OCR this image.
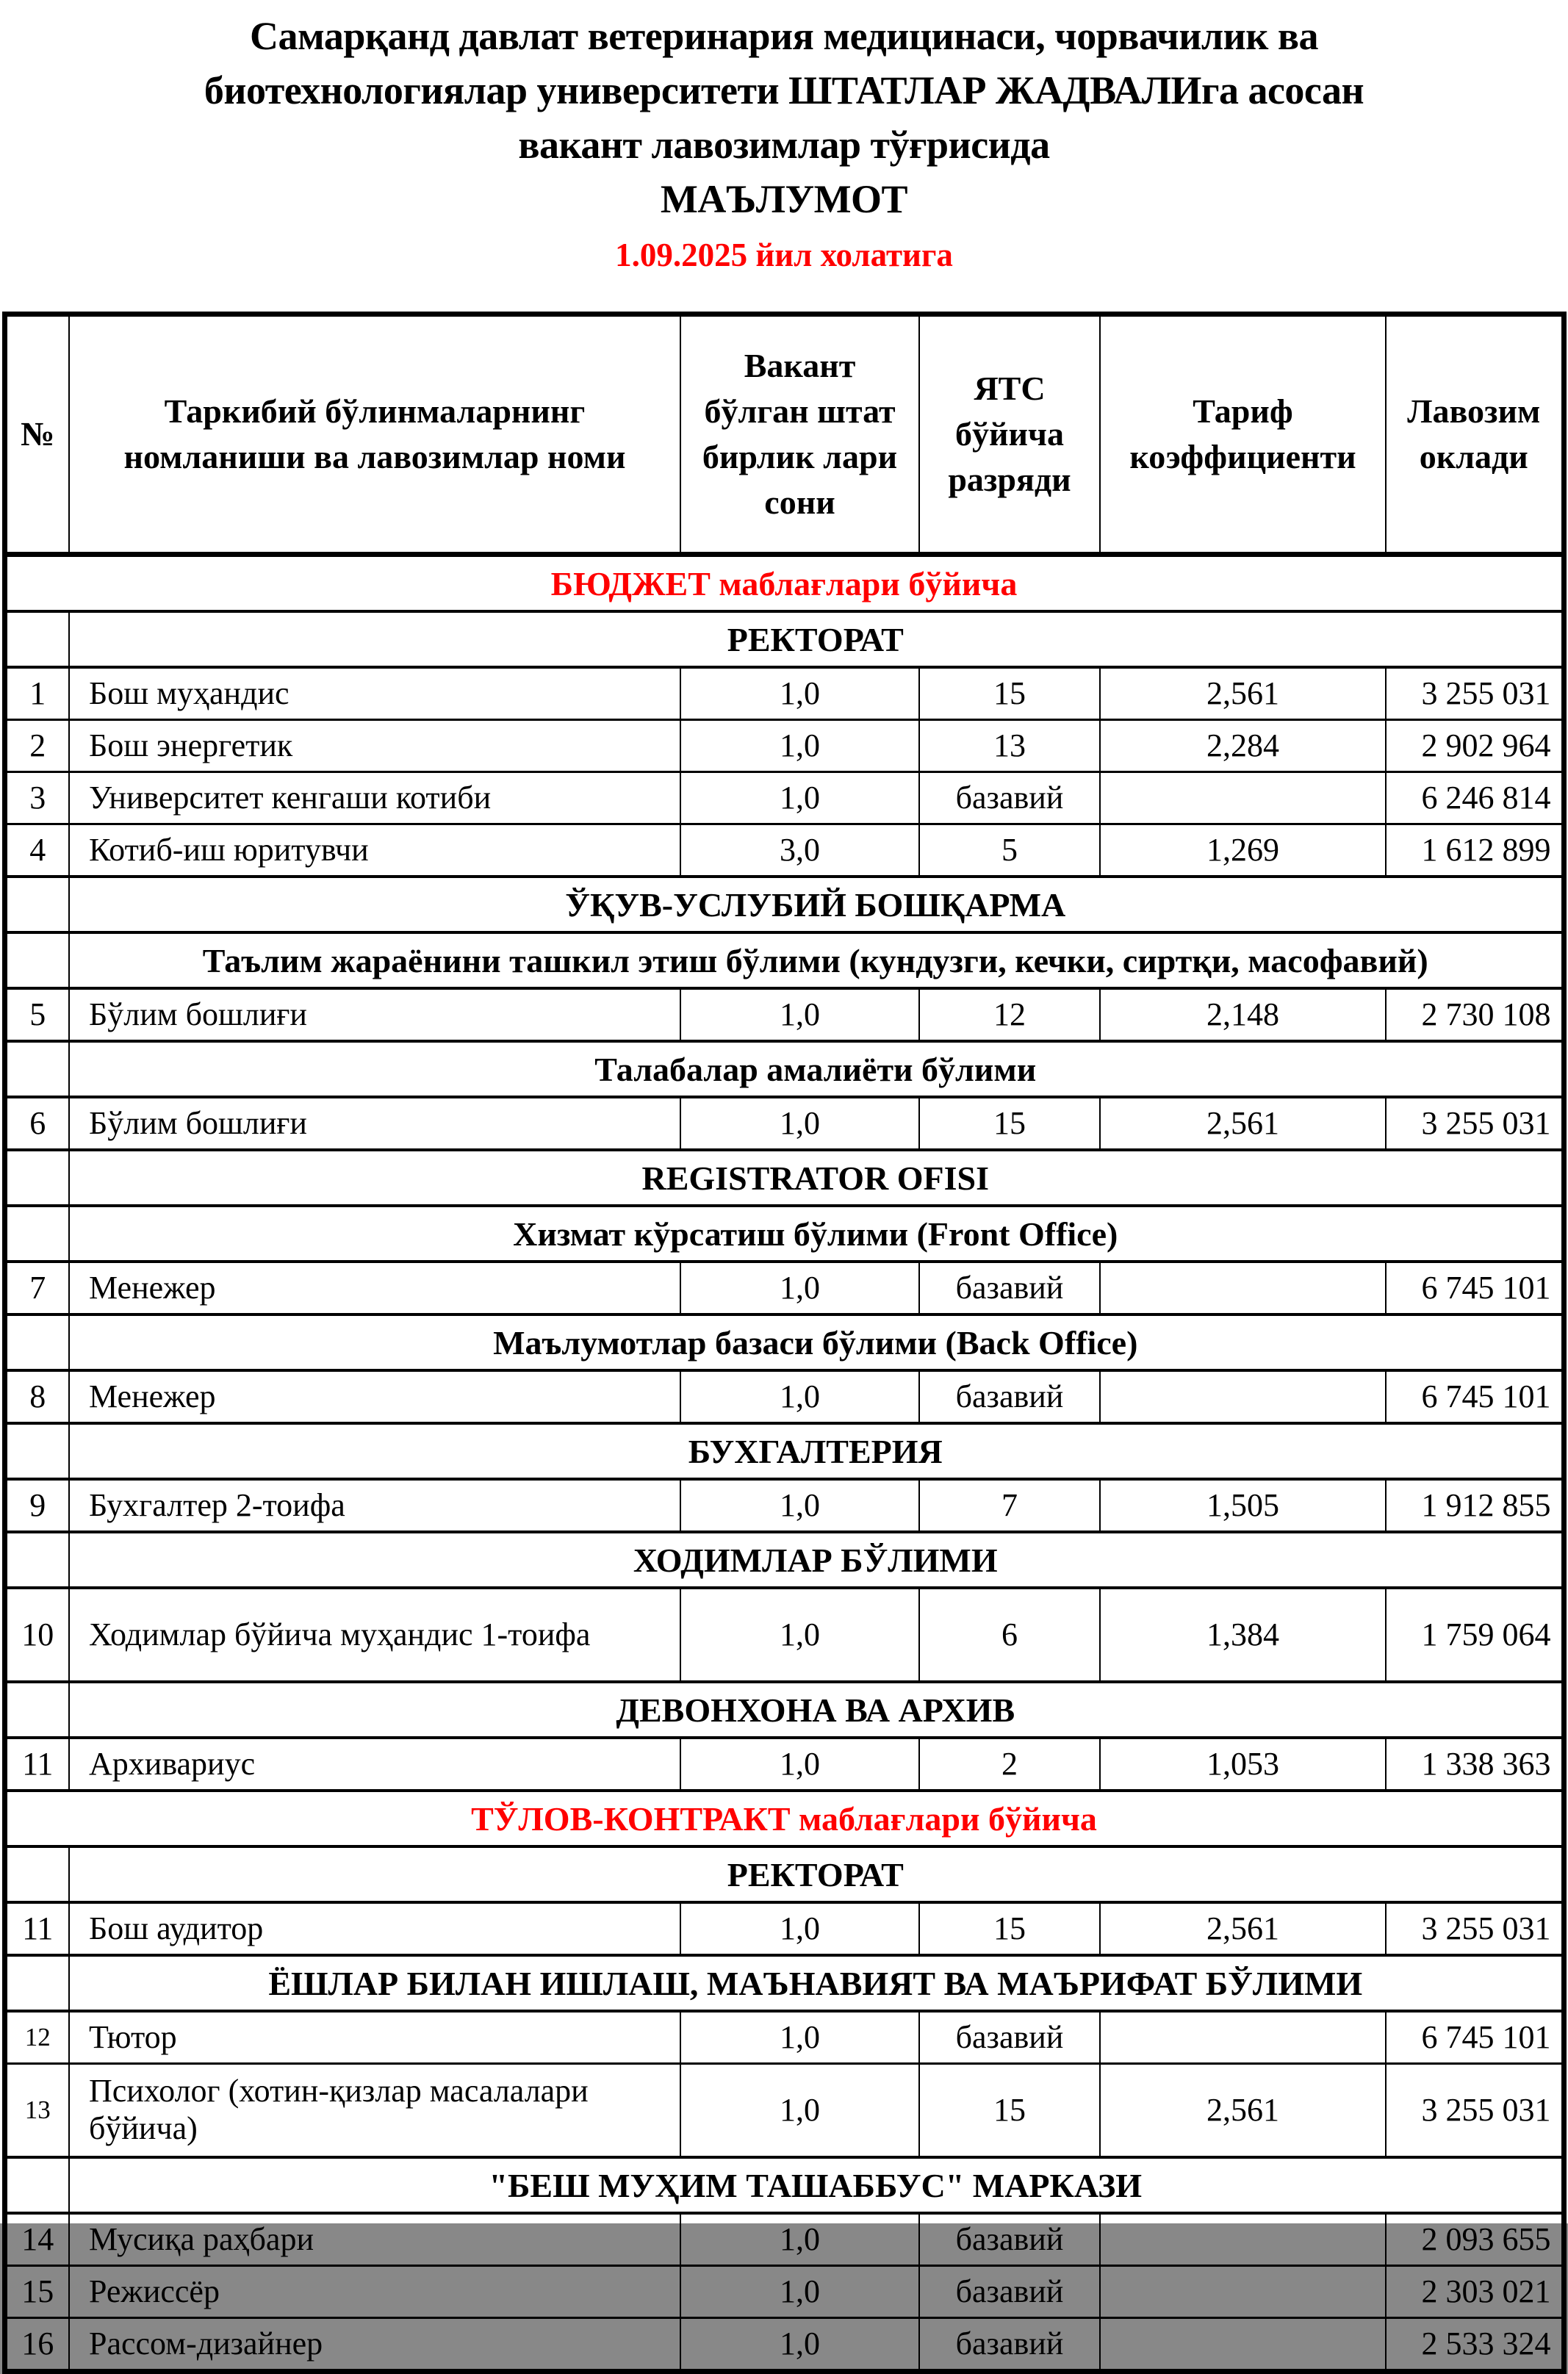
Самарқанд давлат ветеринария медицинаси, чорвачилик ва
биотехнологиялар университети ШТАТЛАР ЖАДВАЛИга асосан
вакант лавозимлар тўғрисида
МАЪЛУМОТ
1.09.2025 йил холатига
№	Таркибий бўлинмаларнинг номланиши ва лавозимлар номи	Вакант бўлган штат бирлик лари сони	ЯТС бўйича разряди	Тариф коэффициенти	Лавозим оклади
БЮДЖЕТ маблағлари бўйича					
	РЕКТОРАТ				
1	Бош муҳандис	1,0	15	2,561	3 255 031
2	Бош энергетик	1,0	13	2,284	2 902 964
3	Университет кенгаши котиби	1,0	базавий		6 246 814
4	Котиб-иш юритувчи	3,0	5	1,269	1 612 899
	ЎҚУВ-УСЛУБИЙ БОШҚАРМА				
	Таълим жараёнини ташкил этиш бўлими (кундузги, кечки, сиртқи, масофавий)				
5	Бўлим бошлиғи	1,0	12	2,148	2 730 108
	Талабалар амалиёти бўлими				
6	Бўлим бошлиғи	1,0	15	2,561	3 255 031
	REGISTRATOR OFISI				
	Хизмат кўрсатиш бўлими (Front Office)				
7	Менежер	1,0	базавий		6 745 101
	Маълумотлар базаси бўлими (Back Office)				
8	Менежер	1,0	базавий		6 745 101
	БУХГАЛТЕРИЯ				
9	Бухгалтер 2-тоифа	1,0	7	1,505	1 912 855
	ХОДИМЛАР БЎЛИМИ				
10	Ходимлар бўйича муҳандис 1-тоифа	1,0	6	1,384	1 759 064
	ДЕВОНХОНА ВА АРХИВ				
11	Архивариус	1,0	2	1,053	1 338 363
ТЎЛОВ-КОНТРАКТ маблағлари бўйича					
	РЕКТОРАТ				
11	Бош аудитор	1,0	15	2,561	3 255 031
	ЁШЛАР БИЛАН ИШЛАШ, МАЪНАВИЯТ ВА МАЪРИФАТ БЎЛИМИ				
12	Тютор	1,0	базавий		6 745 101
13	Психолог (хотин-қизлар масалалари бўйича)	1,0	15	2,561	3 255 031
	"БЕШ МУҲИМ ТАШАББУС" МАРКАЗИ				
14	Мусиқа раҳбари	1,0	базавий		2 093 655
15	Режиссёр	1,0	базавий		2 303 021
16	Рассом-дизайнер	1,0	базавий		2 533 324
